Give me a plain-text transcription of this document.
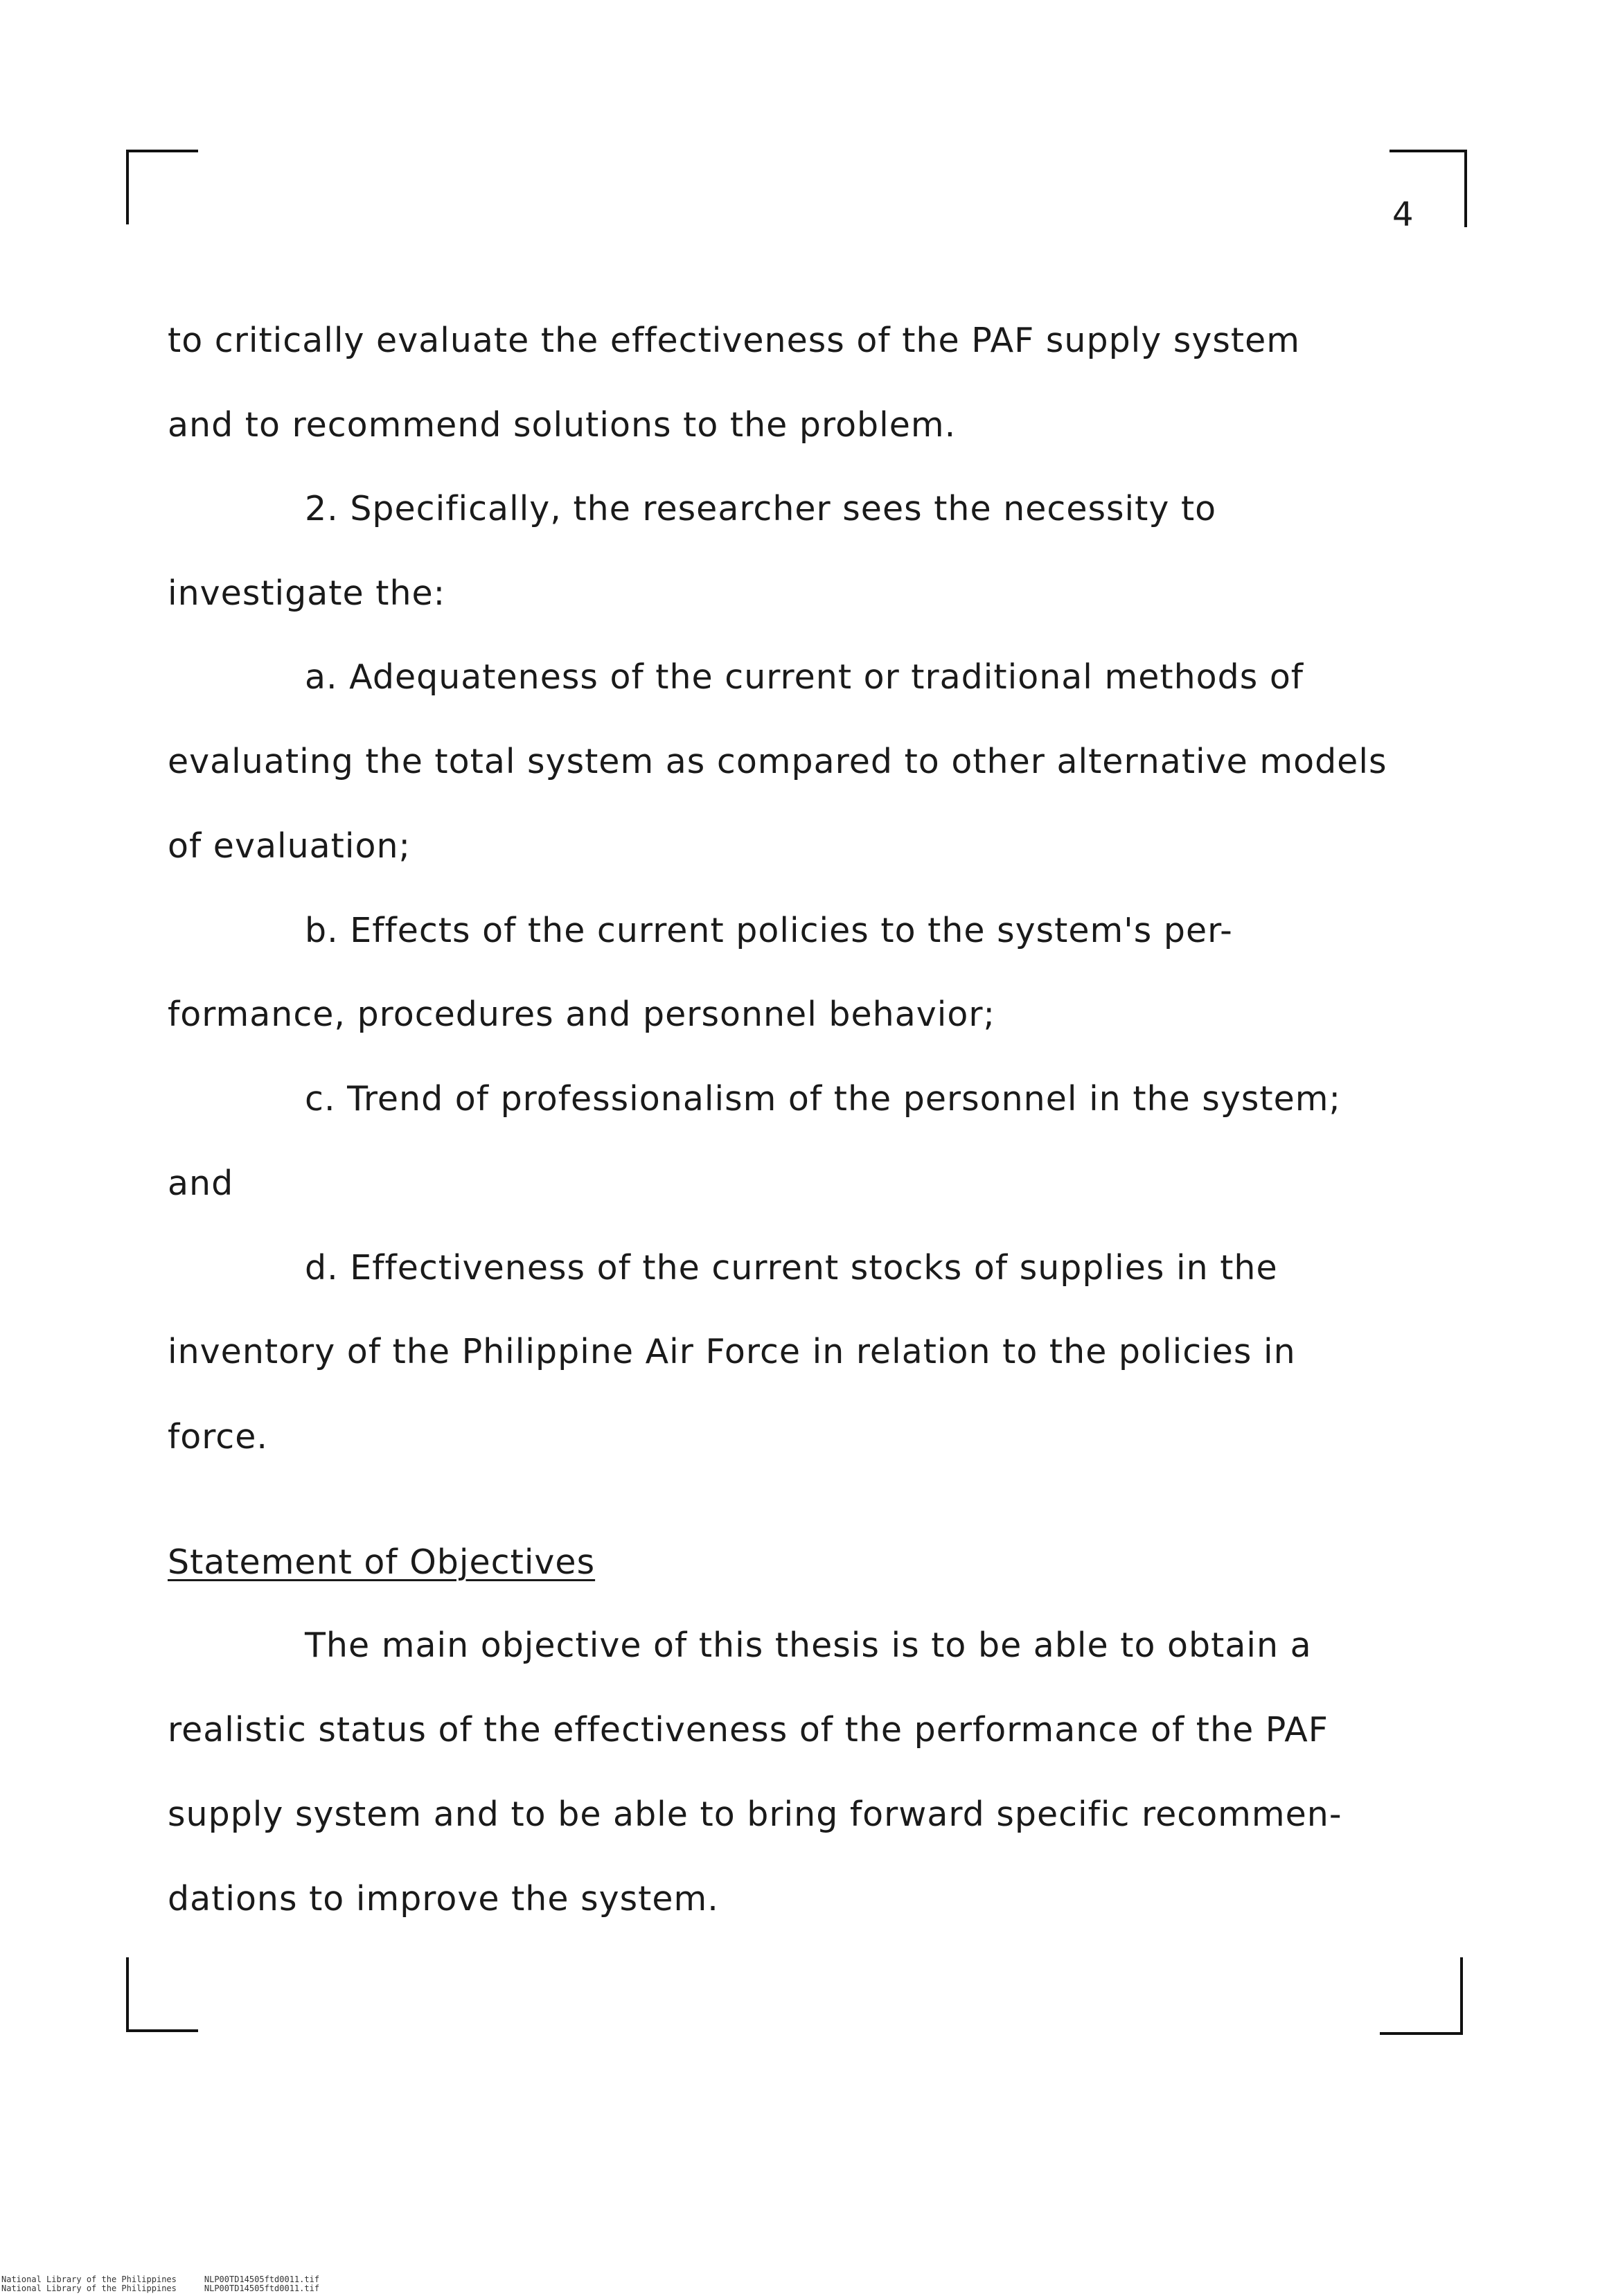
4
to critically evaluate the effectiveness of the PAF supply system
and to recommend solutions to the problem.
2. Specifically, the researcher sees the necessity to
investigate the:
a. Adequateness of the current or traditional methods of
evaluating the total system as compared to other alternative models
of evaluation;
b. Effects of the current policies to the system's per-
formance, procedures and personnel behavior;
c. Trend of professionalism of the personnel in the system;
and
d. Effectiveness of the current stocks of supplies in the
inventory of the Philippine Air Force in relation to the policies in
force.
Statement of Objectives
The main objective of this thesis is to be able to obtain a
realistic status of the effectiveness of the performance of the PAF
supply system and to be able to bring forward specific recommen-
dations to improve the system.
National Library of the Philippines	NLP00TD14505ftd0011.tif
National Library of the Philippines	NLP00TD14505ftd0011.tif
